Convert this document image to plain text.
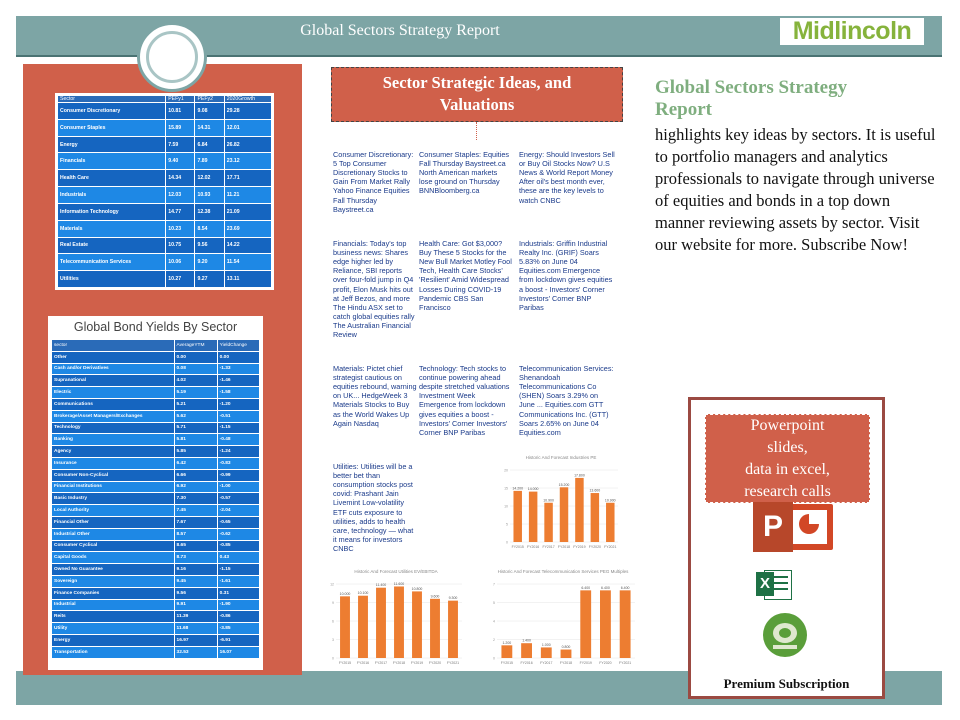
Global Sectors Strategy Report	Midlincoln
Sector	PEFy1	PEFy2	2020Growth
Consumer Discretionary	10.81	9.08	29.28
Consumer Staples	15.89	14.31	12.01
Energy	7.59	6.84	26.82
Financials	9.40	7.89	23.12
Health Care	14.34	12.02	17.71
Industrials	12.03	10.93	11.21
Information Technology	14.77	12.38	21.09
Materials	10.23	8.54	23.69
Real Estate	10.75	9.56	14.22
Telecommunication Services	10.06	9.20	11.54
Utilities	10.27	9.27	13.11
Global Bond Yields By Sector
sector	AverageYTM	YieldChange
Other	0.00	0.00
Cash and/or Derivatives	0.08	-1.33
Supranational	4.02	-1.46
Electric	5.19	-1.58
Communications	5.21	-1.20
Brokerage/Asset Managers/Exchanges	5.62	-0.51
Technology	5.71	-1.15
Banking	5.81	-0.48
Agency	5.85	-1.24
Insurance	6.42	-0.83
Consumer Non-Cyclical	6.66	-0.99
Financial Institutions	6.92	-1.00
Basic Industry	7.30	-0.57
Local Authority	7.45	-2.04
Financial Other	7.67	-0.65
Industrial Other	8.57	-0.62
Consumer Cyclical	8.65	-0.85
Capital Goods	8.73	0.43
Owned No Guarantee	9.16	-1.15
Sovereign	9.45	-1.61
Finance Companies	9.56	0.31
Industrial	9.91	-1.90
Reits	11.39	-0.86
Utility	11.68	-3.85
Energy	16.97	-6.91
Transportation	32.53	16.07
Sector Strategic Ideas, and
Valuations
Consumer Discretionary: 5 Top Consumer Discretionary Stocks to Gain From Market Rally Yahoo Finance Equities Fall Thursday Baystreet.ca
Consumer Staples: Equities Fall Thursday Baystreet.ca North American markets lose ground on Thursday BNNBloomberg.ca
Energy: Should Investors Sell or Buy Oil Stocks Now? U.S News & World Report Money After oil's best month ever, these are the key levels to watch CNBC
Financials: Today's top business news: Shares edge higher led by Reliance, SBI reports over four-fold jump in Q4 profit, Elon Musk hits out at Jeff Bezos, and more The Hindu ASX set to catch global equities rally The Australian Financial Review
Health Care: Got $3,000? Buy These 5 Stocks for the New Bull Market Motley Fool Tech, Health Care Stocks' 'Resilient' Amid Widespread Losses During COVID-19 Pandemic CBS San Francisco
Industrials: Griffin Industrial Realty Inc. (GRIF) Soars 5.83% on June 04 Equities.com Emergence from lockdown gives equities a boost - Investors' Corner Investors' Corner BNP Paribas
Materials: Pictet chief strategist cautious on equities rebound, warning on UK... HedgeWeek 3 Materials Stocks to Buy as the World Wakes Up Again Nasdaq
Technology: Tech stocks to continue powering ahead despite stretched valuations Investment Week Emergence from lockdown gives equities a boost - Investors' Corner Investors' Corner BNP Paribas
Telecommunication Services: Shenandoah Telecommunications Co (SHEN) Soars 3.29% on June ... Equities.com GTT Communications Inc. (GTT) Soars 2.65% on June 04 Equities.com
Utilities: Utilities will be a better bet than consumption stocks post covid: Prashant Jain Livemint Low-volatility ETF cuts exposure to utilities, adds to health care, technology — what it means for investors CNBC
Historic And Forecast Industries PE
0
5
10
15
20
14.200
FY2015
14.000
FY2016
10.900
FY2017
15.200
FY2018
17.800
FY2019
13.600
FY2020
10.900
FY2021
Historic And Forecast Utilities EV/EBITDA
0
3
6
9
12
10.000
FY2015
10.100
FY2016
11.400
FY2017
11.600
FY2018
10.800
FY2019
9.600
FY2020
9.300
FY2021
Historic And Forecast Telecommunication Services PEG Multiples
0
2
4
5
7
1.200
FY2015
1.400
FY2016
1.000
FY2017
0.800
FY2018
6.400
FY2019
6.400
FY2020
6.400
FY2021
Global Sectors Strategy
Report
highlights key ideas by sectors. It is useful to portfolio managers and analytics professionals to navigate through universe of equities and bonds in a top down manner reviewing assets by sector. Visit our website for more. Subscribe Now!
Powerpoint
slides,
data in excel,
research calls
P
X
Premium Subscription
